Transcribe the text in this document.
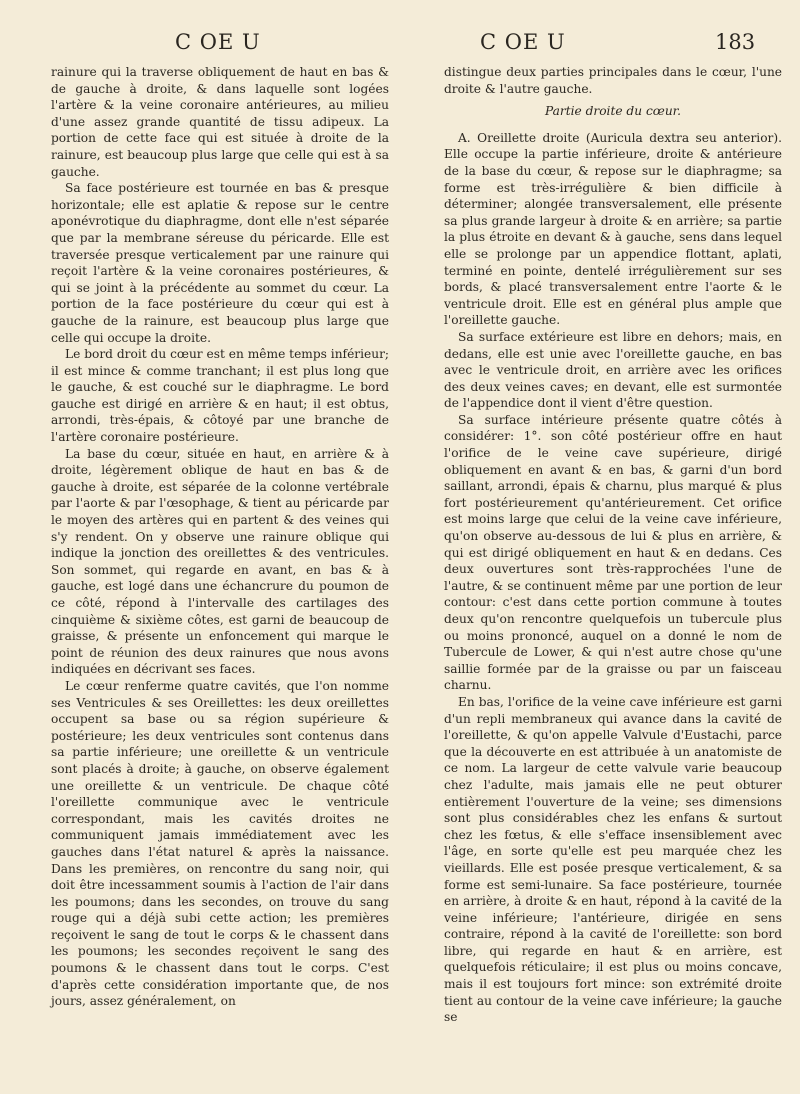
C OE U	C OE U	183

rainure qui la traverse obliquement de haut en bas & de gauche à droite, & dans laquelle sont logées l'artère & la veine coronaire antérieures, au milieu d'une assez grande quantité de tissu adipeux. La portion de cette face qui est située à droite de la rainure, est beaucoup plus large que celle qui est à sa gauche.

Sa face postérieure est tournée en bas & presque horizontale; elle est aplatie & repose sur le centre aponévrotique du diaphragme, dont elle n'est séparée que par la membrane séreuse du péricarde. Elle est traversée presque verticalement par une rainure qui reçoit l'artère & la veine coronaires postérieures, & qui se joint à la précédente au sommet du cœur. La portion de la face postérieure du cœur qui est à gauche de la rainure, est beaucoup plus large que celle qui occupe la droite.

Le bord droit du cœur est en même temps inférieur; il est mince & comme tranchant; il est plus long que le gauche, & est couché sur le diaphragme. Le bord gauche est dirigé en arrière & en haut; il est obtus, arrondi, très-épais, & côtoyé par une branche de l'artère coronaire postérieure.

La base du cœur, située en haut, en arrière & à droite, légèrement oblique de haut en bas & de gauche à droite, est séparée de la colonne vertébrale par l'aorte & par l'œsophage, & tient au péricarde par le moyen des artères qui en partent & des veines qui s'y rendent. On y observe une rainure oblique qui indique la jonction des oreillettes & des ventricules. Son sommet, qui regarde en avant, en bas & à gauche, est logé dans une échancrure du poumon de ce côté, répond à l'intervalle des cartilages des cinquième & sixième côtes, est garni de beaucoup de graisse, & présente un enfoncement qui marque le point de réunion des deux rainures que nous avons indiquées en décrivant ses faces.

Le cœur renferme quatre cavités, que l'on nomme ses Ventricules & ses Oreillettes: les deux oreillettes occupent sa base ou sa région supérieure & postérieure; les deux ventricules sont contenus dans sa partie inférieure; une oreillette & un ventricule sont placés à droite; à gauche, on observe également une oreillette & un ventricule. De chaque côté l'oreillette communique avec le ventricule correspondant, mais les cavités droites ne communiquent jamais immédiatement avec les gauches dans l'état naturel & après la naissance. Dans les premières, on rencontre du sang noir, qui doit être incessamment soumis à l'action de l'air dans les poumons; dans les secondes, on trouve du sang rouge qui a déjà subi cette action; les premières reçoivent le sang de tout le corps & le chassent dans les poumons; les secondes reçoivent le sang des poumons & le chassent dans tout le corps. C'est d'après cette considération importante que, de nos jours, assez généralement, on

distingue deux parties principales dans le cœur, l'une droite & l'autre gauche.

Partie droite du cœur.

A. Oreillette droite (Auricula dextra seu anterior). Elle occupe la partie inférieure, droite & antérieure de la base du cœur, & repose sur le diaphragme; sa forme est très-irrégulière & bien difficile à déterminer; alongée transversalement, elle présente sa plus grande largeur à droite & en arrière; sa partie la plus étroite en devant & à gauche, sens dans lequel elle se prolonge par un appendice flottant, aplati, terminé en pointe, dentelé irrégulièrement sur ses bords, & placé transversalement entre l'aorte & le ventricule droit. Elle est en général plus ample que l'oreillette gauche.

Sa surface extérieure est libre en dehors; mais, en dedans, elle est unie avec l'oreillette gauche, en bas avec le ventricule droit, en arrière avec les orifices des deux veines caves; en devant, elle est surmontée de l'appendice dont il vient d'être question.

Sa surface intérieure présente quatre côtés à considérer: 1°. son côté postérieur offre en haut l'orifice de le veine cave supérieure, dirigé obliquement en avant & en bas, & garni d'un bord saillant, arrondi, épais & charnu, plus marqué & plus fort postérieurement qu'antérieurement. Cet orifice est moins large que celui de la veine cave inférieure, qu'on observe au-dessous de lui & plus en arrière, & qui est dirigé obliquement en haut & en dedans. Ces deux ouvertures sont très-rapprochées l'une de l'autre, & se continuent même par une portion de leur contour: c'est dans cette portion commune à toutes deux qu'on rencontre quelquefois un tubercule plus ou moins prononcé, auquel on a donné le nom de Tubercule de Lower, & qui n'est autre chose qu'une saillie formée par de la graisse ou par un faisceau charnu.

En bas, l'orifice de la veine cave inférieure est garni d'un repli membraneux qui avance dans la cavité de l'oreillette, & qu'on appelle Valvule d'Eustachi, parce que la découverte en est attribuée à un anatomiste de ce nom. La largeur de cette valvule varie beaucoup chez l'adulte, mais jamais elle ne peut obturer entièrement l'ouverture de la veine; ses dimensions sont plus considérables chez les enfans & surtout chez les fœtus, & elle s'efface insensiblement avec l'âge, en sorte qu'elle est peu marquée chez les vieillards. Elle est posée presque verticalement, & sa forme est semi-lunaire. Sa face postérieure, tournée en arrière, à droite & en haut, répond à la cavité de la veine inférieure; l'antérieure, dirigée en sens contraire, répond à la cavité de l'oreillette: son bord libre, qui regarde en haut & en arrière, est quelquefois réticulaire; il est plus ou moins concave, mais il est toujours fort mince: son extrémité droite tient au contour de la veine cave inférieure; la gauche se
